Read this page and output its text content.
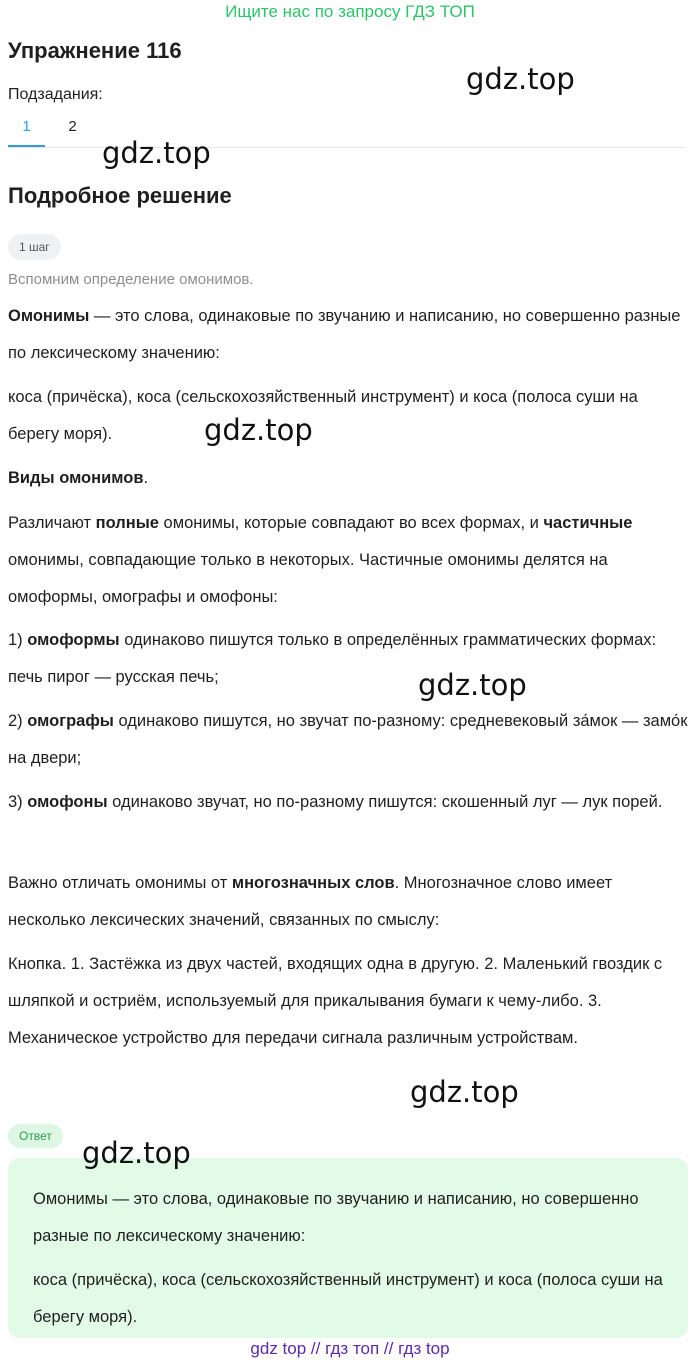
Ищите нас по запросу ГДЗ ТОП
Упражнение 116
Подзадания:
1	2
Подробное решение
1 шаг
Вспомним определение омонимов.
Омонимы — это слова, одинаковые по звучанию и написанию, но совершенно разные по лексическому значению:
коса (причёска), коса (сельскохозяйственный инструмент) и коса (полоса суши на берегу моря).
Виды омонимов.
Различают полные омонимы, которые совпадают во всех формах, и частичные омонимы, совпадающие только в некоторых. Частичные омонимы делятся на омоформы, омографы и омофоны:
1) омоформы одинаково пишутся только в определённых грамматических формах: печь пирог — русская печь;
2) омографы одинаково пишутся, но звучат по-разному: средневековый за́мок — замо́к на двери;
3) омофоны одинаково звучат, но по-разному пишутся: скошенный луг — лук порей.
Важно отличать омонимы от многозначных слов. Многозначное слово имеет несколько лексических значений, связанных по смыслу:
Кнопка. 1. Застёжка из двух частей, входящих одна в другую. 2. Маленький гвоздик с шляпкой и остриём, используемый для прикалывания бумаги к чему-либо. 3. Механическое устройство для передачи сигнала различным устройствам.
Ответ
Омонимы — это слова, одинаковые по звучанию и написанию, но совершенно разные по лексическому значению:
коса (причёска), коса (сельскохозяйственный инструмент) и коса (полоса суши на берегу моря).
gdz.top
gdz.top
gdz.top
gdz.top
gdz.top
gdz.top
gdz top // гдз топ // гдз top
